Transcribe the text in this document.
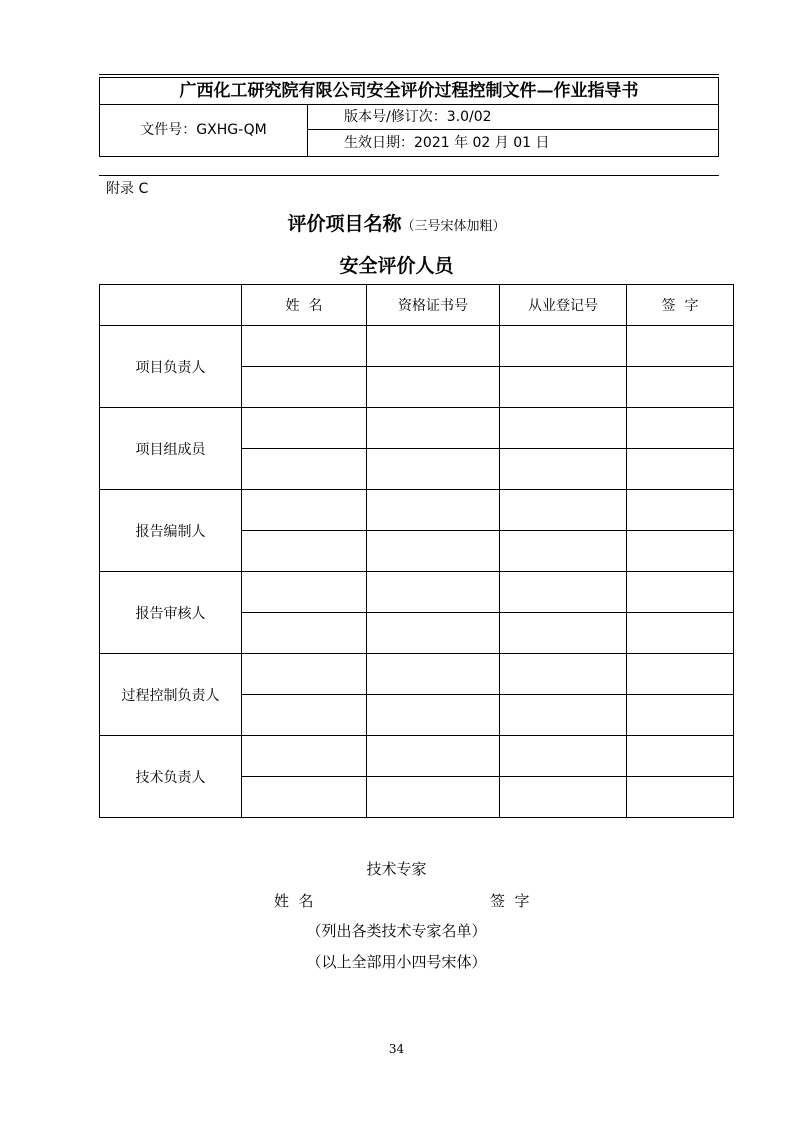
广西化工研究院有限公司安全评价过程控制文件—作业指导书
文件号：GXHG-QM
版本号/修订次：3.0/02
生效日期：2021 年 02 月 01 日
附录 C
评价项目名称（三号宋体加粗）
安全评价人员
	姓  名	资格证书号	从业登记号	签  字
项目负责人				

项目组成员				

报告编制人				

报告审核人				

过程控制负责人				

技术负责人				

技术专家
姓  名	签  字
（列出各类技术专家名单）
（以上全部用小四号宋体）
34
